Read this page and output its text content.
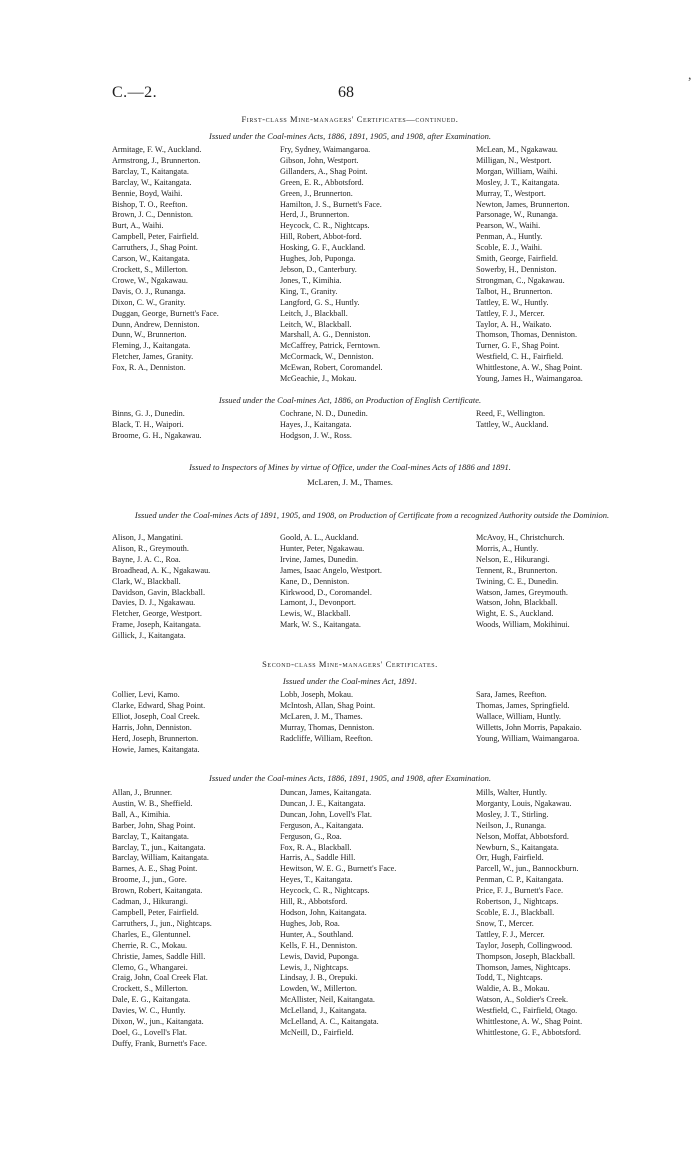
C.—2.	68
,
First-class Mine-managers' Certificates—continued.
Issued under the Coal-mines Acts, 1886, 1891, 1905, and 1908, after Examination.
Armitage, F. W., Auckland.
Armstrong, J., Brunnerton.
Barclay, T., Kaitangata.
Barclay, W., Kaitangata.
Bennie, Boyd, Waihi.
Bishop, T. O., Reefton.
Brown, J. C., Denniston.
Burt, A., Waihi.
Campbell, Peter, Fairfield.
Carruthers, J., Shag Point.
Carson, W., Kaitangata.
Crockett, S., Millerton.
Crowe, W., Ngakawau.
Davis, O. J., Runanga.
Dixon, C. W., Granity.
Duggan, George, Burnett's Face.
Dunn, Andrew, Denniston.
Dunn, W., Brunnerton.
Fleming, J., Kaitangata.
Fletcher, James, Granity.
Fox, R. A., Denniston.
Fry, Sydney, Waimangaroa.
Gibson, John, Westport.
Gillanders, A., Shag Point.
Green, E. R., Abbotsford.
Green, J., Brunnerton.
Hamilton, J. S., Burnett's Face.
Herd, J., Brunnerton.
Heycock, C. R., Nightcaps.
Hill, Robert, Abbot-ford.
Hosking, G. F., Auckland.
Hughes, Job, Puponga.
Jebson, D., Canterbury.
Jones, T., Kimihia.
King, T., Granity.
Langford, G. S., Huntly.
Leitch, J., Blackball.
Leitch, W., Blackball.
Marshall, A. G., Denniston.
McCaffrey, Patrick, Ferntown.
McCormack, W., Denniston.
McEwan, Robert, Coromandel.
McGeachie, J., Mokau.
McLean, M., Ngakawau.
Milligan, N., Westport.
Morgan, William, Waihi.
Mosley, J. T., Kaitangata.
Murray, T., Westport.
Newton, James, Brunnerton.
Parsonage, W., Runanga.
Pearson, W., Waihi.
Penman, A., Huntly.
Scoble, E. J., Waihi.
Smith, George, Fairfield.
Sowerby, H., Denniston.
Strongman, C., Ngakawau.
Talbot, H., Brunnerton.
Tattley, E. W., Huntly.
Tattley, F. J., Mercer.
Taylor, A. H., Waikato.
Thomson, Thomas, Denniston.
Turner, G. F., Shag Point.
Westfield, C. H., Fairfield.
Whittlestone, A. W., Shag Point.
Young, James H., Waimangaroa.
Issued under the Coal-mines Act, 1886, on Production of English Certificate.
Binns, G. J., Dunedin.
Black, T. H., Waipori.
Broome, G. H., Ngakawau.
Cochrane, N. D., Dunedin.
Hayes, J., Kaitangata.
Hodgson, J. W., Ross.
Reed, F., Wellington.
Tattley, W., Auckland.
Issued to Inspectors of Mines by virtue of Office, under the Coal-mines Acts of 1886 and 1891.
McLaren, J. M., Thames.
Issued under the Coal-mines Acts of 1891, 1905, and 1908, on Production of Certificate from a recognized Authority outside the Dominion.
Alison, J., Mangatini.
Alison, R., Greymouth.
Bayne, J. A. C., Roa.
Broadhead, A. K., Ngakawau.
Clark, W., Blackball.
Davidson, Gavin, Blackball.
Davies, D. J., Ngakawau.
Fletcher, George, Westport.
Frame, Joseph, Kaitangata.
Gillick, J., Kaitangata.
Goold, A. L., Auckland.
Hunter, Peter, Ngakawau.
Irvine, James, Dunedin.
James, Isaac Angelo, Westport.
Kane, D., Denniston.
Kirkwood, D., Coromandel.
Lamont, J., Devonport.
Lewis, W., Blackball.
Mark, W. S., Kaitangata.
McAvoy, H., Christchurch.
Morris, A., Huntly.
Nelson, E., Hikurangi.
Tennent, R., Brunnerton.
Twining, C. E., Dunedin.
Watson, James, Greymouth.
Watson, John, Blackball.
Wight, E. S., Auckland.
Woods, William, Mokihinui.
Second-class Mine-managers' Certificates.
Issued under the Coal-mines Act, 1891.
Collier, Levi, Kamo.
Clarke, Edward, Shag Point.
Elliot, Joseph, Coal Creek.
Harris, John, Denniston.
Herd, Joseph, Brunnerton.
Howie, James, Kaitangata.
Lobb, Joseph, Mokau.
McIntosh, Allan, Shag Point.
McLaren, J. M., Thames.
Murray, Thomas, Denniston.
Radcliffe, William, Reefton.
Sara, James, Reefton.
Thomas, James, Springfield.
Wallace, William, Huntly.
Willetts, John Morris, Papakaio.
Young, William, Waimangaroa.
Issued under the Coal-mines Acts, 1886, 1891, 1905, and 1908, after Examination.
Allan, J., Brunner.
Austin, W. B., Sheffield.
Ball, A., Kimihia.
Barber, John, Shag Point.
Barclay, T., Kaitangata.
Barclay, T., jun., Kaitangata.
Barclay, William, Kaitangata.
Barnes, A. E., Shag Point.
Broome, J., jun., Gore.
Brown, Robert, Kaitangata.
Cadman, J., Hikurangi.
Campbell, Peter, Fairfield.
Carruthers, J., jun., Nightcaps.
Charles, E., Glentunnel.
Cherrie, R. C., Mokau.
Christie, James, Saddle Hill.
Clemo, G., Whangarei.
Craig, John, Coal Creek Flat.
Crockett, S., Millerton.
Dale, E. G., Kaitangata.
Davies, W. C., Huntly.
Dixon, W., jun., Kaitangata.
Doel, G., Lovell's Flat.
Duffy, Frank, Burnett's Face.
Duncan, James, Kaitangata.
Duncan, J. E., Kaitangata.
Duncan, John, Lovell's Flat.
Ferguson, A., Kaitangata.
Ferguson, G., Roa.
Fox, R. A., Blackball.
Harris, A., Saddle Hill.
Hewitson, W. E. G., Burnett's Face.
Heyes, T., Kaitangata.
Heycock, C. R., Nightcaps.
Hill, R., Abbotsford.
Hodson, John, Kaitangata.
Hughes, Job, Roa.
Hunter, A., Southland.
Kells, F. H., Denniston.
Lewis, David, Puponga.
Lewis, J., Nightcaps.
Lindsay, J. B., Orepuki.
Lowden, W., Millerton.
McAllister, Neil, Kaitangata.
McLelland, J., Kaitangata.
McLelland, A. C., Kaitangata.
McNeill, D., Fairfield.
Mills, Walter, Huntly.
Morganty, Louis, Ngakawau.
Mosley, J. T., Stirling.
Neilson, J., Runanga.
Nelson, Moffat, Abbotsford.
Newburn, S., Kaitangata.
Orr, Hugh, Fairfield.
Parcell, W., jun., Bannockburn.
Penman, C. P., Kaitangata.
Price, F. J., Burnett's Face.
Robertson, J., Nightcaps.
Scoble, E. J., Blackball.
Snow, T., Mercer.
Tattley, F. J., Mercer.
Taylor, Joseph, Collingwood.
Thompson, Joseph, Blackball.
Thomson, James, Nightcaps.
Todd, T., Nightcaps.
Waldie, A. B., Mokau.
Watson, A., Soldier's Creek.
Westfield, C., Fairfield, Otago.
Whittlestone, A. W., Shag Point.
Whittlestone, G. F., Abbotsford.
